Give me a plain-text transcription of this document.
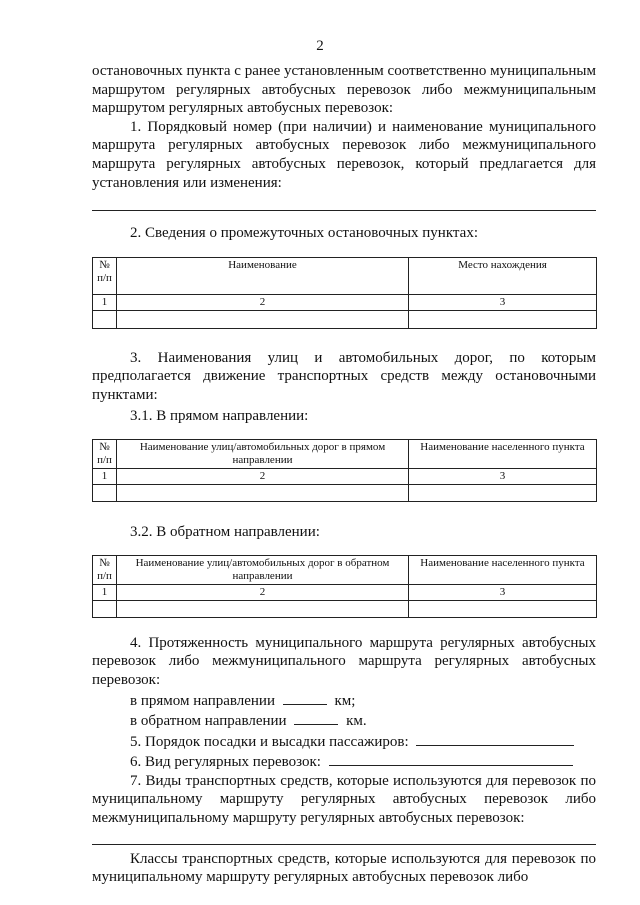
2

остановочных пункта с ранее установленным соответственно муниципальным маршрутом регулярных автобусных перевозок либо межмуниципальным маршрутом регулярных автобусных перевозок:

1. Порядковый номер (при наличии) и наименование муниципального маршрута регулярных автобусных перевозок либо межмуниципального маршрута регулярных автобусных перевозок, который предлагается для установления или изменения:

2. Сведения о промежуточных остановочных пунктах:

№ п/п	Наименование	Место нахождения
1	2	3

3. Наименования улиц и автомобильных дорог, по которым предполагается движение транспортных средств между остановочными пунктами:

3.1. В прямом направлении:

№ п/п	Наименование улиц/автомобильных дорог в прямом направлении	Наименование населенного пункта
1	2	3

3.2. В обратном направлении:

№ п/п	Наименование улиц/автомобильных дорог в обратном направлении	Наименование населенного пункта
1	2	3

4. Протяженность муниципального маршрута регулярных автобусных перевозок либо межмуниципального маршрута регулярных автобусных перевозок:

в прямом направлении	км;

в обратном направлении	км.

5. Порядок посадки и высадки пассажиров:

6. Вид регулярных перевозок:

7. Виды транспортных средств, которые используются для перевозок по муниципальному маршруту регулярных автобусных перевозок либо межмуниципальному маршруту регулярных автобусных перевозок:

Классы транспортных средств, которые используются для перевозок по муниципальному маршруту регулярных автобусных перевозок либо
